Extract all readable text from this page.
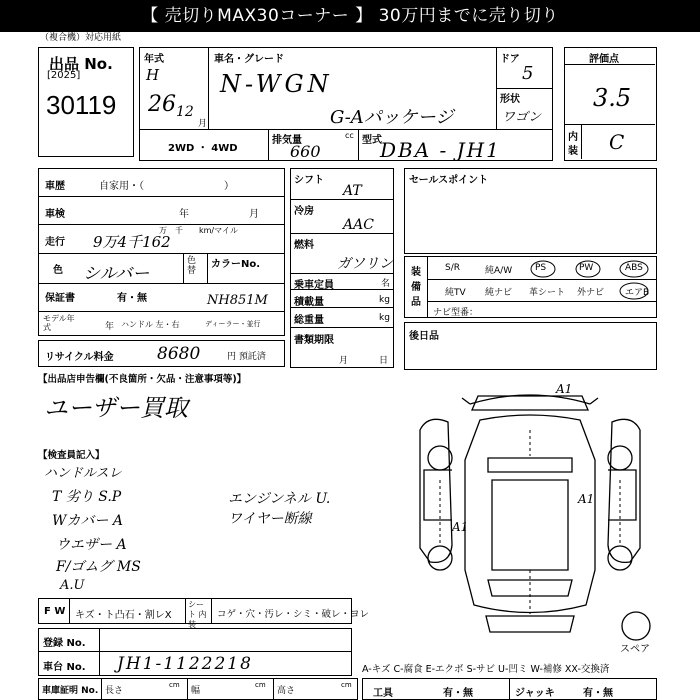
【 売切りMAX30コーナー 】 30万円までに売り切り
（複合機）対応用紙
出品 No.
[2025]
30119
年式
H
26 12
月
車名・グレード
N-WGN
G-Aパッケージ
ドア
5
形状
ワゴン
2WD ・ 4WD
排気量	cc
660
型式
DBA - JH1
評価点
3.5
内
装 C
車歴	自家用・（　　　　　　　　）
車検	年	月
走行 9万4千162
万　千　　km/マイル
色 シルバー
色替
カラーNo.
保証書	有・無	NH851M
モデル年式	年 ハンドル 左・右	ディーラー・並行
リサイクル料金	8680	円 預託済
シフト
AT
冷房
AAC
燃料
ガソリン
乗車定員	名
積載量	kg
総重量	kg
書類期限
月	日
セールスポイント
装備品
S/R	純A/W	PS	PW	ABS
純TV 純ナビ 革シート 外ナビ エアB
ナビ型番：
後日品
【出品店申告欄(不良箇所・欠品・注意事項等)】
ユーザー買取
【検査員記入】
ハンドルスレ
T 劣り S.P
Wカバー A
ウエザー A
F/ゴムグ MS
A.U
エンジンネル U.
ワイヤー断線
F W キズ・ト凸石・割レX
シート 内装
コゲ・穴・汚レ・シミ・破レ・ヨレ
A1
A1
A1
スペア
登録 No.
車台 No. JH1-1122218
車庫証明 No. 長さ
cm
幅
cm
高さ
cm
A-キズ C-腐食 E-エクボ S-サビ U-凹ミ W-補修 XX-交換済
工具	有・無	ジャッキ	有・無
